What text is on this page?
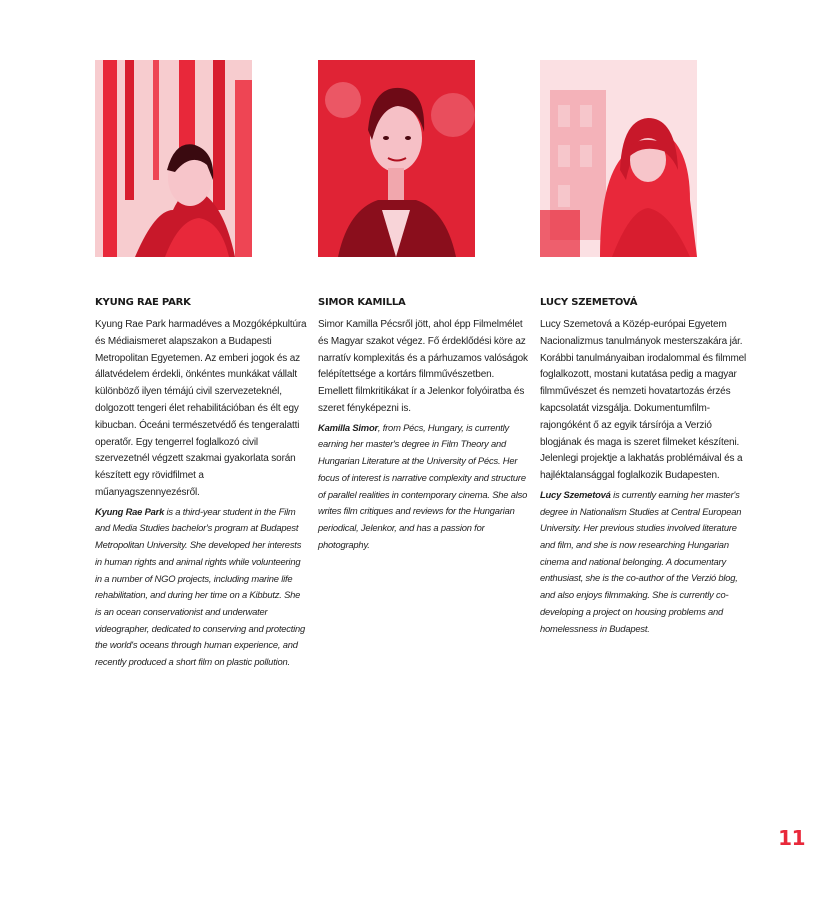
KYUNG RAE PARK

Kyung Rae Park harmadéves a Mozgóképkultúra és Médiaismeret alapszakon a Budapesti Metropolitan Egyetemen. Az emberi jogok és az állatvédelem érdekli, önkéntes munkákat vállalt különböző ilyen témájú civil szervezeteknél, dolgozott tengeri élet rehabilitációban és élt egy kibucban. Óceáni természetvédő és tengeralatti operatőr. Egy tengerrel foglalkozó civil szervezetnél végzett szakmai gyakorlata során készített egy rövidfilmet a műanyagszennyezésről.

Kyung Rae Park is a third-year student in the Film and Media Studies bachelor's program at Budapest Metropolitan University. She developed her interests in human rights and animal rights while volunteering in a number of NGO projects, including marine life rehabilitation, and during her time on a Kibbutz. She is an ocean conservationist and underwater videographer, dedicated to conserving and protecting the world's oceans through human experience, and recently produced a short film on plastic pollution.

SIMOR KAMILLA

Simor Kamilla Pécsről jött, ahol épp Filmelmélet és Magyar szakot végez. Fő érdeklődési köre az narratív komplexitás és a párhuzamos valóságok felépítettsége a kortárs filmművészetben. Emellett filmkritikákat ír a Jelenkor folyóiratba és szeret fényképezni is.

Kamilla Simor, from Pécs, Hungary, is currently earning her master's degree in Film Theory and Hungarian Literature at the University of Pécs. Her focus of interest is narrative complexity and structure of parallel realities in contemporary cinema. She also writes film critiques and reviews for the Hungarian periodical, Jelenkor, and has a passion for photography.

LUCY SZEMETOVÁ

Lucy Szemetová a Közép-európai Egyetem Nacionalizmus tanulmányok mesterszakára jár. Korábbi tanulmányaiban irodalommal és filmmel foglalkozott, mostani kutatása pedig a magyar filmművészet és nemzeti hovatartozás érzés kapcsolatát vizsgálja. Dokumentumfilm-rajongóként ő az egyik társírója a Verzió blogjának és maga is szeret filmeket készíteni. Jelenlegi projektje a lakhatás problémáival és a hajléktalansággal foglalkozik Budapesten.

Lucy Szemetová is currently earning her master's degree in Nationalism Studies at Central European University. Her previous studies involved literature and film, and she is now researching Hungarian cinema and national belonging. A documentary enthusiast, she is the co-author of the Verzió blog, and also enjoys filmmaking. She is currently co-developing a project on housing problems and homelessness in Budapest.

11
